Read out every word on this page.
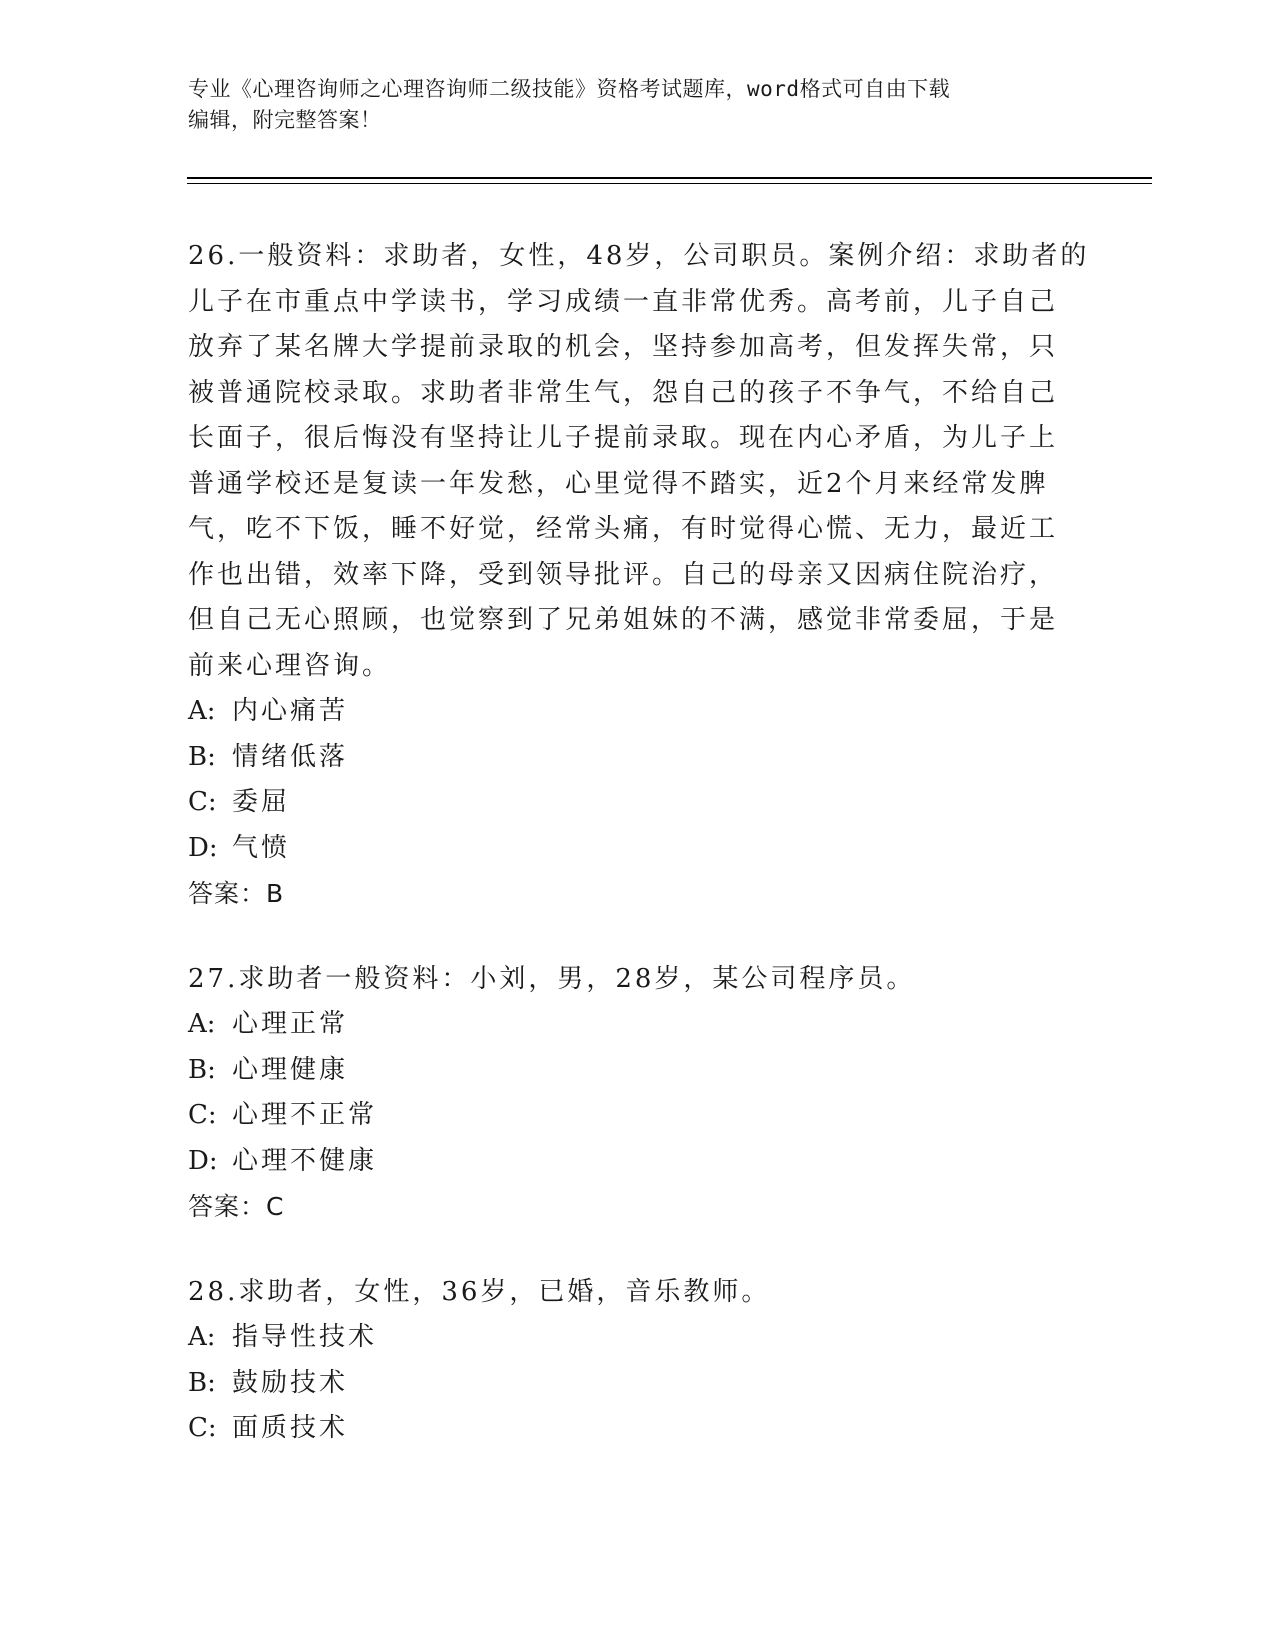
专业《心理咨询师之心理咨询师二级技能》资格考试题库，word格式可自由下载
编辑，附完整答案！
26.一般资料：求助者，女性，48岁，公司职员。案例介绍：求助者的
儿子在市重点中学读书，学习成绩一直非常优秀。高考前，儿子自己
放弃了某名牌大学提前录取的机会，坚持参加高考，但发挥失常，只
被普通院校录取。求助者非常生气，怨自己的孩子不争气，不给自己
长面子，很后悔没有坚持让儿子提前录取。现在内心矛盾，为儿子上
普通学校还是复读一年发愁，心里觉得不踏实，近2个月来经常发脾
气，吃不下饭，睡不好觉，经常头痛，有时觉得心慌、无力，最近工
作也出错，效率下降，受到领导批评。自己的母亲又因病住院治疗，
但自己无心照顾，也觉察到了兄弟姐妹的不满，感觉非常委屈，于是
前来心理咨询。
A: 内心痛苦
B: 情绪低落
C: 委屈
D: 气愤
答案：B
27.求助者一般资料：小刘，男，28岁，某公司程序员。
A: 心理正常
B: 心理健康
C: 心理不正常
D: 心理不健康
答案：C
28.求助者，女性，36岁，已婚，音乐教师。
A: 指导性技术
B: 鼓励技术
C: 面质技术
